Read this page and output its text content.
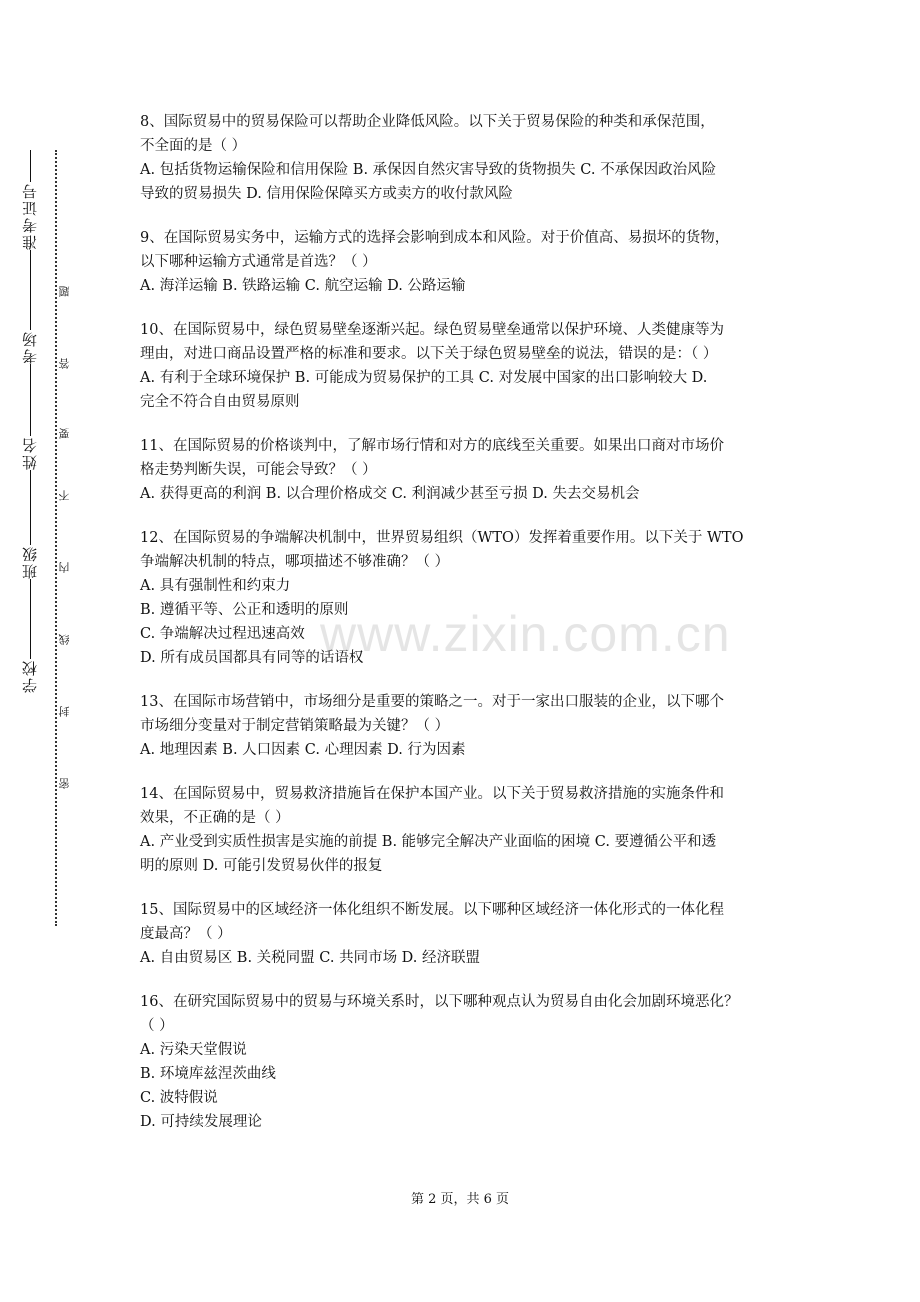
准考证号
考场
姓名
班级
学校
密
封
线
内
不
要
答
题

8、国际贸易中的贸易保险可以帮助企业降低风险。以下关于贸易保险的种类和承保范围，

不全面的是（ ）

A. 包括货物运输保险和信用保险 B. 承保因自然灾害导致的货物损失 C. 不承保因政治风险

导致的贸易损失 D. 信用保险保障买方或卖方的收付款风险

9、在国际贸易实务中，运输方式的选择会影响到成本和风险。对于价值高、易损坏的货物，

以下哪种运输方式通常是首选？（ ）

A. 海洋运输 B. 铁路运输 C. 航空运输 D. 公路运输

10、在国际贸易中，绿色贸易壁垒逐渐兴起。绿色贸易壁垒通常以保护环境、人类健康等为

理由，对进口商品设置严格的标准和要求。以下关于绿色贸易壁垒的说法，错误的是：（ ）

A. 有利于全球环境保护 B. 可能成为贸易保护的工具 C. 对发展中国家的出口影响较大 D.

完全不符合自由贸易原则

11、在国际贸易的价格谈判中，了解市场行情和对方的底线至关重要。如果出口商对市场价

格走势判断失误，可能会导致？（ ）

A. 获得更高的利润 B. 以合理价格成交 C. 利润减少甚至亏损 D. 失去交易机会

12、在国际贸易的争端解决机制中，世界贸易组织（WTO）发挥着重要作用。以下关于 WTO

争端解决机制的特点，哪项描述不够准确？（ ）

A. 具有强制性和约束力

B. 遵循平等、公正和透明的原则

C. 争端解决过程迅速高效

D. 所有成员国都具有同等的话语权

13、在国际市场营销中，市场细分是重要的策略之一。对于一家出口服装的企业，以下哪个

市场细分变量对于制定营销策略最为关键？（ ）

A. 地理因素 B. 人口因素 C. 心理因素 D. 行为因素

14、在国际贸易中，贸易救济措施旨在保护本国产业。以下关于贸易救济措施的实施条件和

效果，不正确的是（ ）

A. 产业受到实质性损害是实施的前提 B. 能够完全解决产业面临的困境 C. 要遵循公平和透

明的原则 D. 可能引发贸易伙伴的报复

15、国际贸易中的区域经济一体化组织不断发展。以下哪种区域经济一体化形式的一体化程

度最高？（ ）

A. 自由贸易区 B. 关税同盟 C. 共同市场 D. 经济联盟

16、在研究国际贸易中的贸易与环境关系时，以下哪种观点认为贸易自由化会加剧环境恶化？

（ ）

A. 污染天堂假说

B. 环境库兹涅茨曲线

C. 波特假说

D. 可持续发展理论

www.zixin.com.cn
第 2 页，共 6 页
